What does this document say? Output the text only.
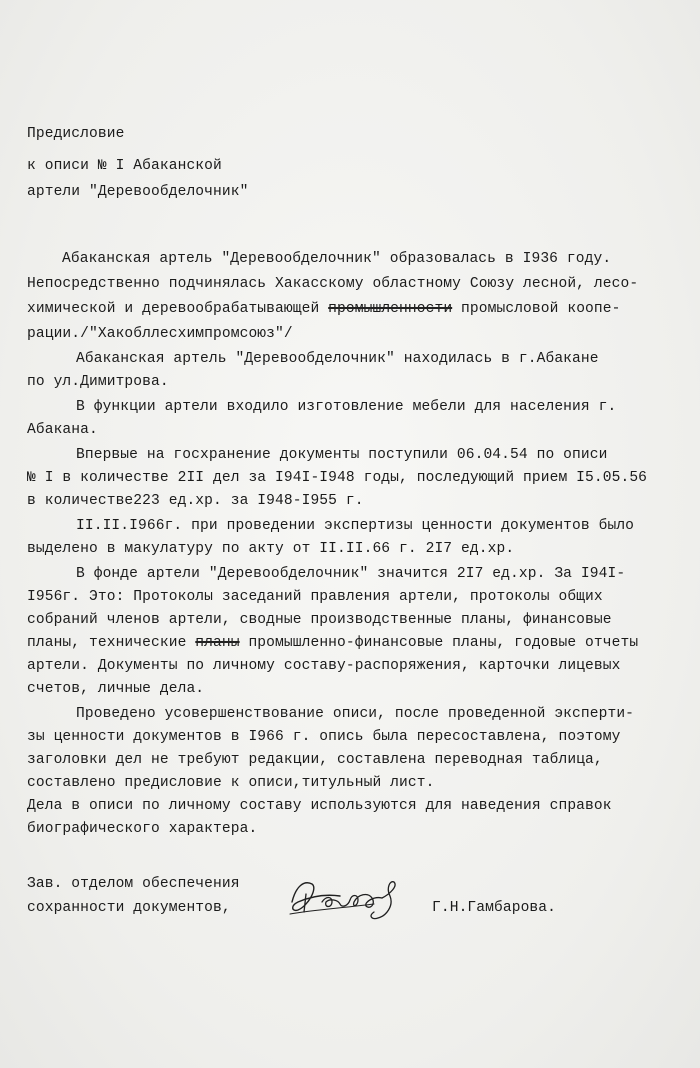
Предисловие
к описи № I Абаканской
артели "Деревообделочник"
Абаканская артель "Деревообделочник" образовалась в I936 году.
Непосредственно подчинялась Хакасскому областному Союзу лесной, лесо-
химической и деревообрабатывающей промышленности промысловой коопе-
рации./"Хакобллесхимпромсоюз"/
Абаканская артель "Деревообделочник" находилась в г.Абакане
по ул.Димитрова.
В функции артели входило изготовление мебели для населения г.
Абакана.
Впервые на госхранение документы поступили 06.04.54 по описи
№ I в количестве 2II дел за I94I-I948 годы, последующий прием I5.05.56
в количестве223 ед.хр. за I948-I955 г.
II.II.I966г. при проведении экспертизы ценности документов было
выделено в макулатуру по акту от II.II.66 г. 2I7 ед.хр.
В фонде артели "Деревообделочник" значится 2I7 ед.хр. За I94I-
I956г. Это: Протоколы заседаний правления артели, протоколы общих
собраний членов артели, сводные производственные планы, финансовые
планы, технические планы промышленно-финансовые планы, годовые отчеты
артели. Документы по личному составу-распоряжения, карточки лицевых
счетов, личные дела.
Проведено усовершенствование описи, после проведенной эксперти-
зы ценности документов в I966 г. опись была пересоставлена, поэтому
заголовки дел не требуют редакции, составлена переводная таблица,
составлено предисловие к описи,титульный лист.
Дела в описи по личному составу используются для наведения справок
биографического характера.
Зав. отделом обеспечения
сохранности документов,	Г.Н.Гамбарова.
